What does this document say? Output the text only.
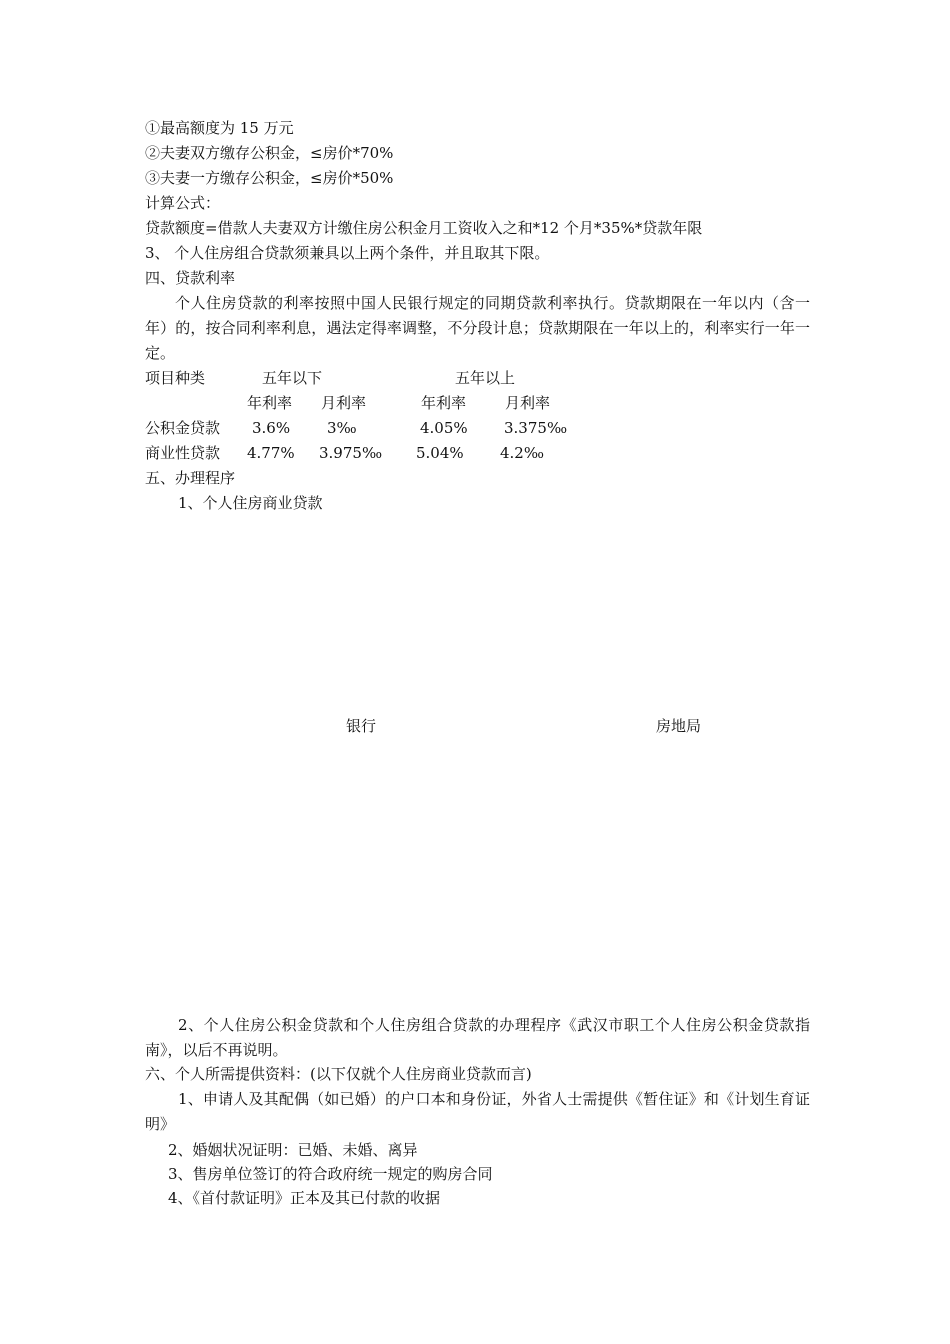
①最高额度为 15 万元
②夫妻双方缴存公积金，≤房价*70%
③夫妻一方缴存公积金，≤房价*50%
计算公式：
贷款额度=借款人夫妻双方计缴住房公积金月工资收入之和*12 个月*35%*贷款年限
3、 个人住房组合贷款须兼具以上两个条件，并且取其下限。
四、贷款利率
个人住房贷款的利率按照中国人民银行规定的同期贷款利率执行。贷款期限在一年以内（含一年）的，按合同利率利息，遇法定得率调整，不分段计息；贷款期限在一年以上的，利率实行一年一定。
项目种类	五年以下	五年以上
年利率 月利率	年利率	月利率
公积金贷款 3.6% 3‰	4.05% 3.375‰
商业性贷款 4.77% 3.975‰ 5.04% 4.2‰
五、办理程序
1、个人住房商业贷款
银行	房地局
2、个人住房公积金贷款和个人住房组合贷款的办理程序《武汉市职工个人住房公积金贷款指南》，以后不再说明。
六、个人所需提供资料：(以下仅就个人住房商业贷款而言)
1、申请人及其配偶（如已婚）的户口本和身份证，外省人士需提供《暂住证》和《计划生育证明》
2、婚姻状况证明：已婚、未婚、离异
3、售房单位签订的符合政府统一规定的购房合同
4、《首付款证明》正本及其已付款的收据
